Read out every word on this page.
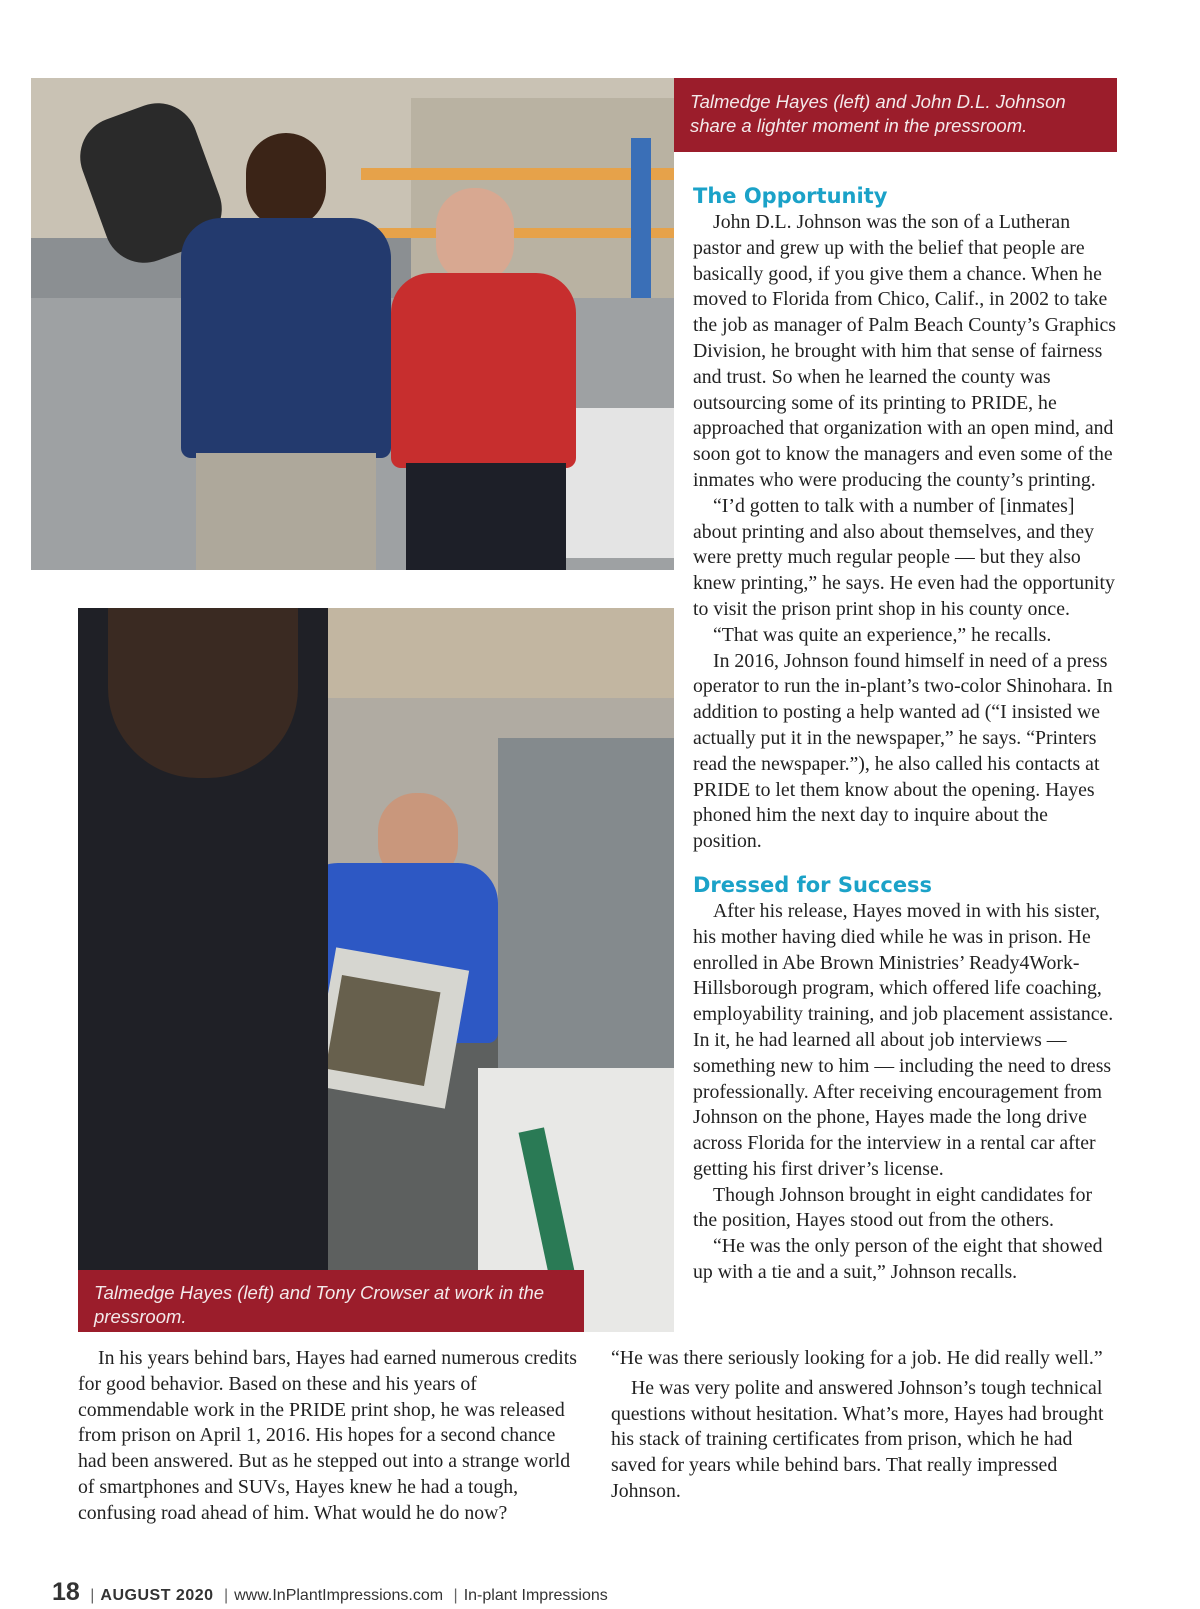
Talmedge Hayes (left) and John D.L. Johnson share a lighter moment in the pressroom.
Talmedge Hayes (left) and Tony Crowser at work in the pressroom.
The Opportunity

John D.L. Johnson was the son of a Lutheran pastor and grew up with the belief that people are basically good, if you give them a chance. When he moved to Florida from Chico, Calif., in 2002 to take the job as manager of Palm Beach County’s Graphics Division, he brought with him that sense of fairness and trust. So when he learned the county was outsourcing some of its printing to PRIDE, he approached that organization with an open mind, and soon got to know the managers and even some of the inmates who were producing the county’s printing.

“I’d gotten to talk with a number of [inmates] about printing and also about themselves, and they were pretty much regular people — but they also knew printing,” he says. He even had the opportunity to visit the prison print shop in his county once.

“That was quite an experience,” he recalls.

In 2016, Johnson found himself in need of a press operator to run the in-plant’s two-color Shinohara. In addition to posting a help wanted ad (“I insisted we actually put it in the newspaper,” he says. “Printers read the newspaper.”), he also called his contacts at PRIDE to let them know about the opening. Hayes phoned him the next day to inquire about the position.

Dressed for Success

After his release, Hayes moved in with his sister, his mother having died while he was in prison. He enrolled in Abe Brown Ministries’ Ready4Work-Hillsborough program, which offered life coaching, employability training, and job placement assistance. In it, he had learned all about job interviews — something new to him — including the need to dress professionally. After receiving encouragement from Johnson on the phone, Hayes made the long drive across Florida for the interview in a rental car after getting his first driver’s license.

Though Johnson brought in eight candidates for the position, Hayes stood out from the others.

“He was the only person of the eight that showed up with a tie and a suit,” Johnson recalls.

In his years behind bars, Hayes had earned numerous credits for good behavior. Based on these and his years of commendable work in the PRIDE print shop, he was released from prison on April 1, 2016. His hopes for a second chance had been answered. But as he stepped out into a strange world of smartphones and SUVs, Hayes knew he had a tough, confusing road ahead of him. What would he do now?

“He was there seriously looking for a job. He did really well.”

He was very polite and answered Johnson’s tough technical questions without hesitation. What’s more, Hayes had brought his stack of training certificates from prison, which he had saved for years while behind bars. That really impressed Johnson.

18 | AUGUST 2020 | www.InPlantImpressions.com | In-plant Impressions
